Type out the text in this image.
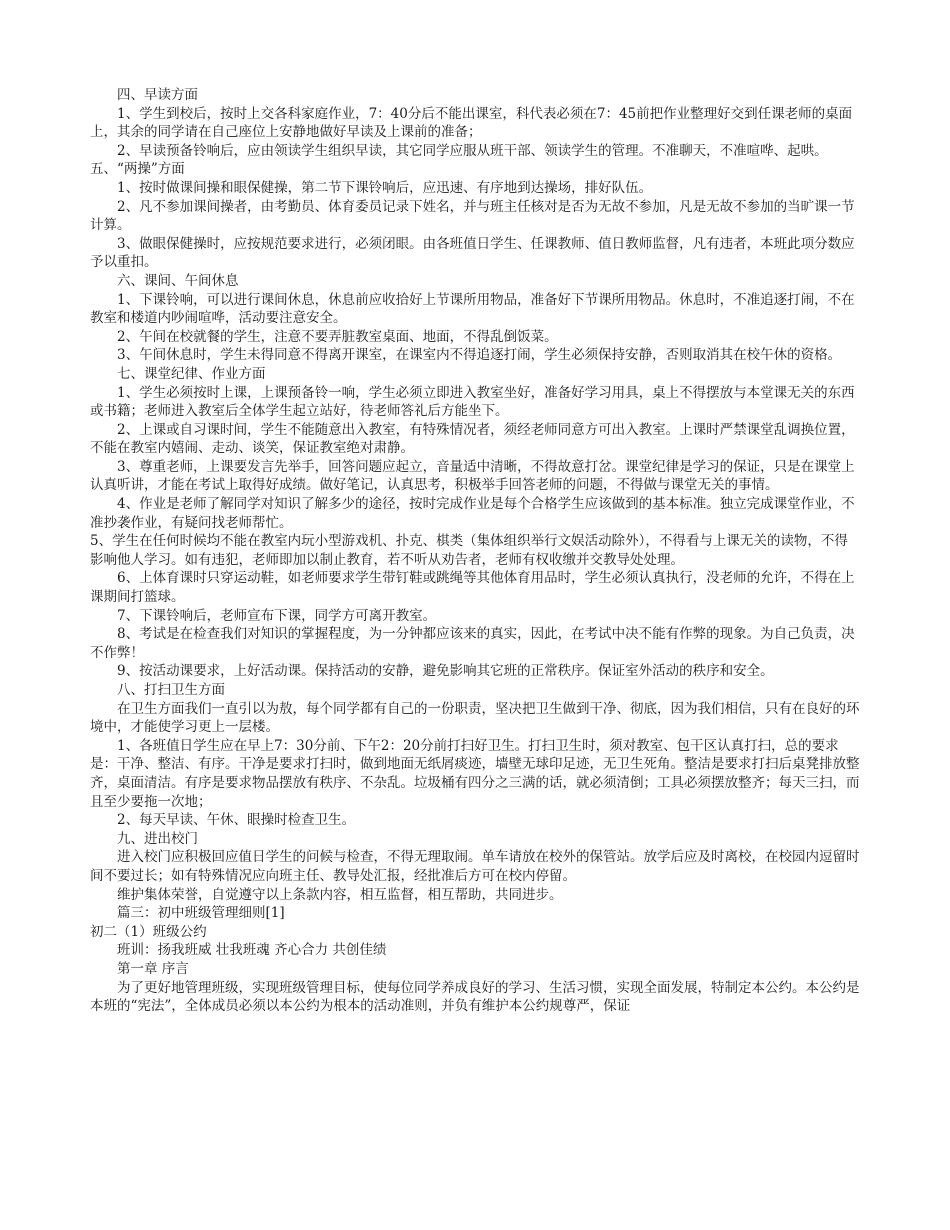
四、早读方面

1、学生到校后，按时上交各科家庭作业，7：40分后不能出课室，科代表必须在7：45前把作业整理好交到任课老师的桌面上，其余的同学请在自己座位上安静地做好早读及上课前的准备；

2、早读预备铃响后，应由领读学生组织早读，其它同学应服从班干部、领读学生的管理。不准聊天，不准喧哗、起哄。

五、“两操”方面

1、按时做课间操和眼保健操，第二节下课铃响后，应迅速、有序地到达操场，排好队伍。

2、凡不参加课间操者，由考勤员、体育委员记录下姓名，并与班主任核对是否为无故不参加，凡是无故不参加的当旷课一节计算。

3、做眼保健操时，应按规范要求进行，必须闭眼。由各班值日学生、任课教师、值日教师监督，凡有违者，本班此项分数应予以重扣。

六、课间、午间休息

1、下课铃响，可以进行课间休息，休息前应收拾好上节课所用物品，准备好下节课所用物品。休息时，不准追逐打闹，不在教室和楼道内吵闹喧哗，活动要注意安全。

2、午间在校就餐的学生，注意不要弄脏教室桌面、地面，不得乱倒饭菜。

3、午间休息时，学生未得同意不得离开课室，在课室内不得追逐打闹，学生必须保持安静，否则取消其在校午休的资格。

七、课堂纪律、作业方面

1、学生必须按时上课，上课预备铃一响，学生必须立即进入教室坐好，准备好学习用具，桌上不得摆放与本堂课无关的东西或书籍；老师进入教室后全体学生起立站好，待老师答礼后方能坐下。

2、上课或自习课时间，学生不能随意出入教室，有特殊情况者，须经老师同意方可出入教室。上课时严禁课堂乱调换位置，不能在教室内嬉闹、走动、谈笑，保证教室绝对肃静。

3、尊重老师，上课要发言先举手，回答问题应起立，音量适中清晰，不得故意打岔。课堂纪律是学习的保证，只是在课堂上认真听讲，才能在考试上取得好成绩。做好笔记，认真思考，积极举手回答老师的问题，不得做与课堂无关的事情。

4、作业是老师了解同学对知识了解多少的途径，按时完成作业是每个合格学生应该做到的基本标准。独立完成课堂作业，不准抄袭作业，有疑问找老师帮忙。

5、学生在任何时候均不能在教室内玩小型游戏机、扑克、棋类（集体组织举行文娱活动除外），不得看与上课无关的读物，不得影响他人学习。如有违犯，老师即加以制止教育，若不听从劝告者，老师有权收缴并交教导处处理。

6、上体育课时只穿运动鞋，如老师要求学生带钉鞋或跳绳等其他体育用品时，学生必须认真执行，没老师的允许，不得在上课期间打篮球。

7、下课铃响后，老师宣布下课，同学方可离开教室。

8、考试是在检查我们对知识的掌握程度，为一分钟都应该来的真实，因此，在考试中决不能有作弊的现象。为自己负责，决不作弊！

9、按活动课要求，上好活动课。保持活动的安静，避免影响其它班的正常秩序。保证室外活动的秩序和安全。

八、打扫卫生方面

在卫生方面我们一直引以为敖，每个同学都有自己的一份职责，坚决把卫生做到干净、彻底，因为我们相信，只有在良好的环境中，才能使学习更上一层楼。

1、各班值日学生应在早上7：30分前、下午2：20分前打扫好卫生。打扫卫生时，须对教室、包干区认真打扫，总的要求是：干净、整洁、有序。干净是要求打扫时，做到地面无纸屑痰迹，墙壁无球印足迹，无卫生死角。整洁是要求打扫后桌凳排放整齐，桌面清洁。有序是要求物品摆放有秩序、不杂乱。垃圾桶有四分之三满的话，就必须清倒；工具必须摆放整齐；每天三扫，而且至少要拖一次地；

2、每天早读、午休、眼操时检查卫生。

九、进出校门

进入校门应积极回应值日学生的问候与检查，不得无理取闹。单车请放在校外的保管站。放学后应及时离校，在校园内逗留时间不要过长；如有特殊情况应向班主任、教导处汇报，经批准后方可在校内停留。

维护集体荣誉，自觉遵守以上条款内容，相互监督，相互帮助，共同进步。

篇三：初中班级管理细则[1]

初二（1）班级公约

班训：扬我班威 壮我班魂 齐心合力 共创佳绩

第一章 序言

为了更好地管理班级，实现班级管理目标，使每位同学养成良好的学习、生活习惯，实现全面发展，特制定本公约。本公约是本班的“宪法”，全体成员必须以本公约为根本的活动准则，并负有维护本公约规尊严，保证
